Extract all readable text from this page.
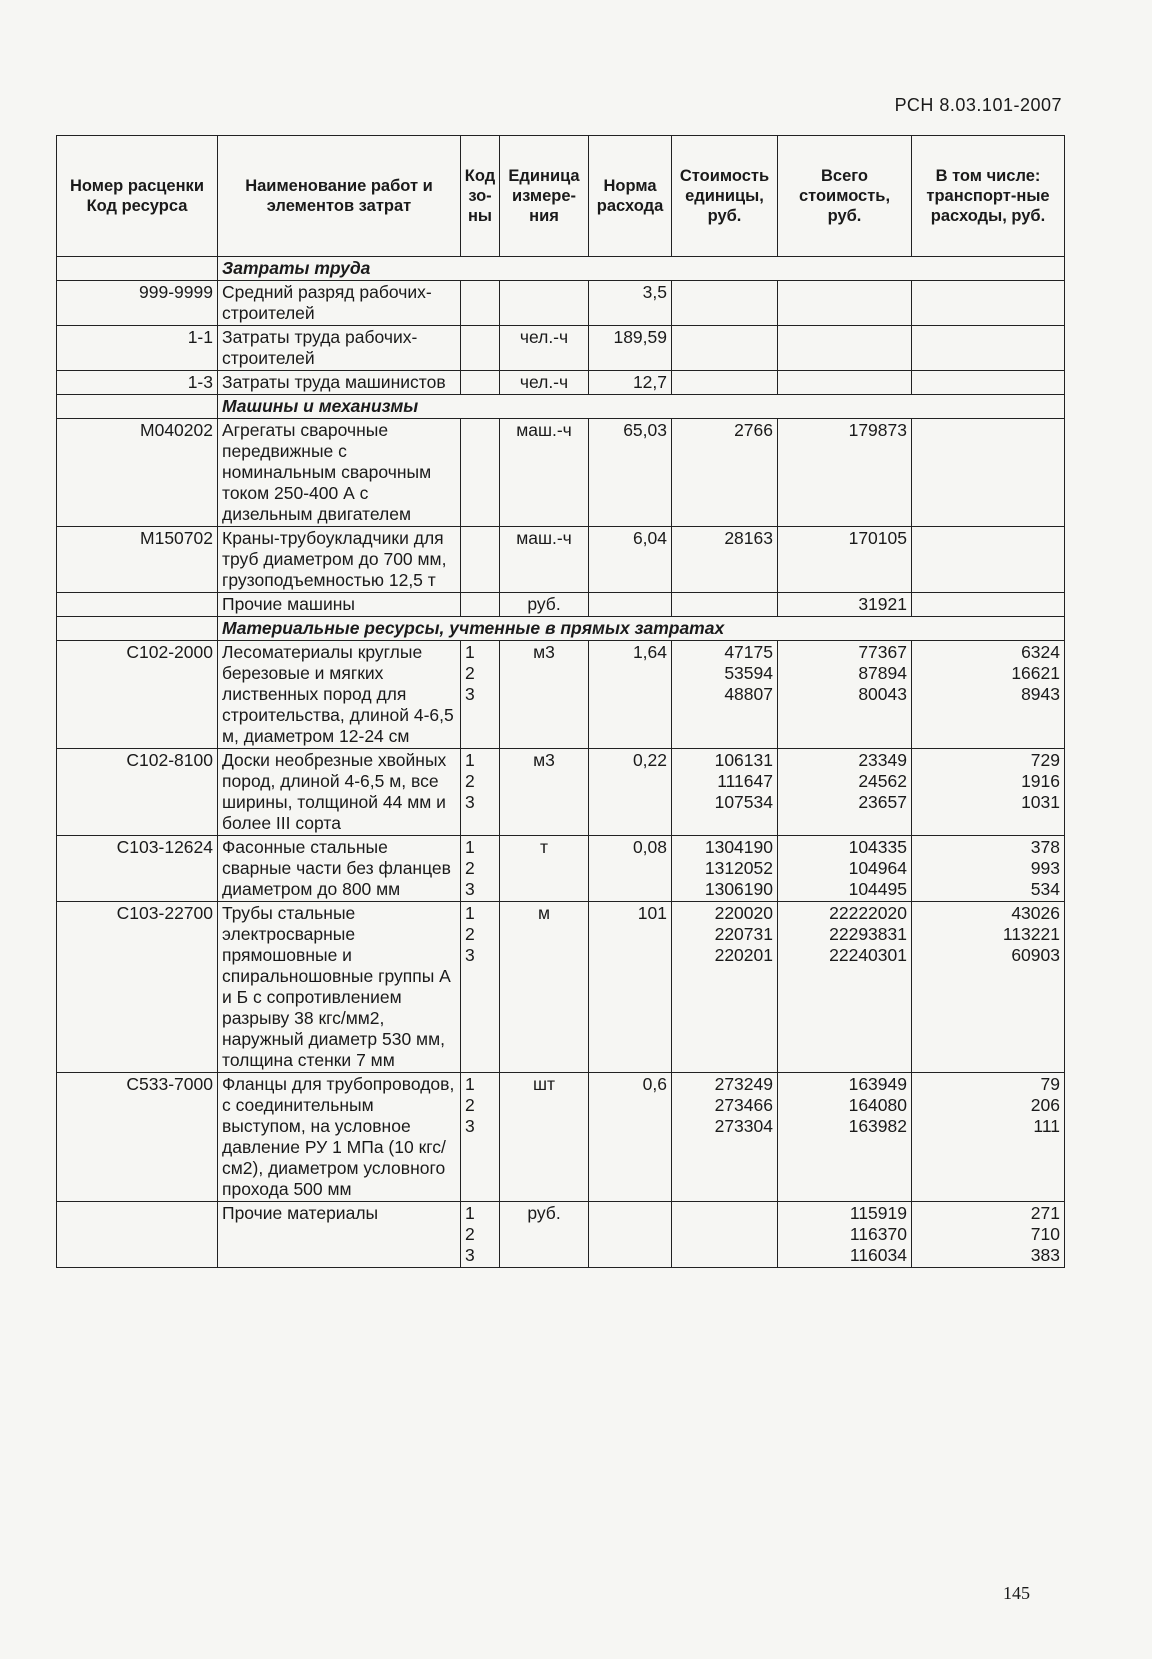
РСН 8.03.101-2007
Номер расценки Код ресурса	Наименование работ и элементов затрат	Код зо-ны	Единица измере-ния	Норма расхода	Стоимость единицы, руб.	Всего стоимость, руб.	В том числе: транспорт-ные расходы, руб.
	Затраты труда						
999-9999	Средний разряд рабочих-строителей			3,5	

1-1	Затраты труда рабочих-строителей		чел.-ч	189,59	

1-3	Затраты труда машинистов		чел.-ч	12,7	

	Машины и механизмы						
М040202	Агрегаты сварочные передвижные с номинальным сварочным током 250-400 А с дизельным двигателем		маш.-ч	65,03	2766	179873	

М150702	Краны-трубоукладчики для труб диаметром до 700 мм, грузоподъемностью 12,5 т		маш.-ч	6,04	28163	170105	

	Прочие машины		руб.			31921	

	Материальные ресурсы, учтенные в прямых затратах						
С102-2000	Лесоматериалы круглые березовые и мягких лиственных пород для строительства, длиной 4-6,5 м, диаметром 12-24 см	1
2
3	м3	1,64	47175
53594
48807	77367
87894
80043	6324
16621
8943

С102-8100	Доски необрезные хвойных пород, длиной 4-6,5 м, все ширины, толщиной 44 мм и более III сорта	1
2
3	м3	0,22	106131
111647
107534	23349
24562
23657	729
1916
1031

С103-12624	Фасонные стальные сварные части без фланцев диаметром до 800 мм	1
2
3	т	0,08	1304190
1312052
1306190	104335
104964
104495	378
993
534

С103-22700	Трубы стальные электросварные прямошовные и спиральношовные группы А и Б с сопротивлением разрыву 38 кгс/мм2, наружный диаметр 530 мм, толщина стенки 7 мм	1
2
3	м	101	220020
220731
220201	22222020
22293831
22240301	43026
113221
60903

С533-7000	Фланцы для трубопроводов, с соединительным выступом, на условное давление РУ 1 МПа (10 кгс/см2), диаметром условного прохода 500 мм	1
2
3	шт	0,6	273249
273466
273304	163949
164080
163982	79
206
111

	Прочие материалы	1
2
3	руб.			115919
116370
116034	271
710
383
145
